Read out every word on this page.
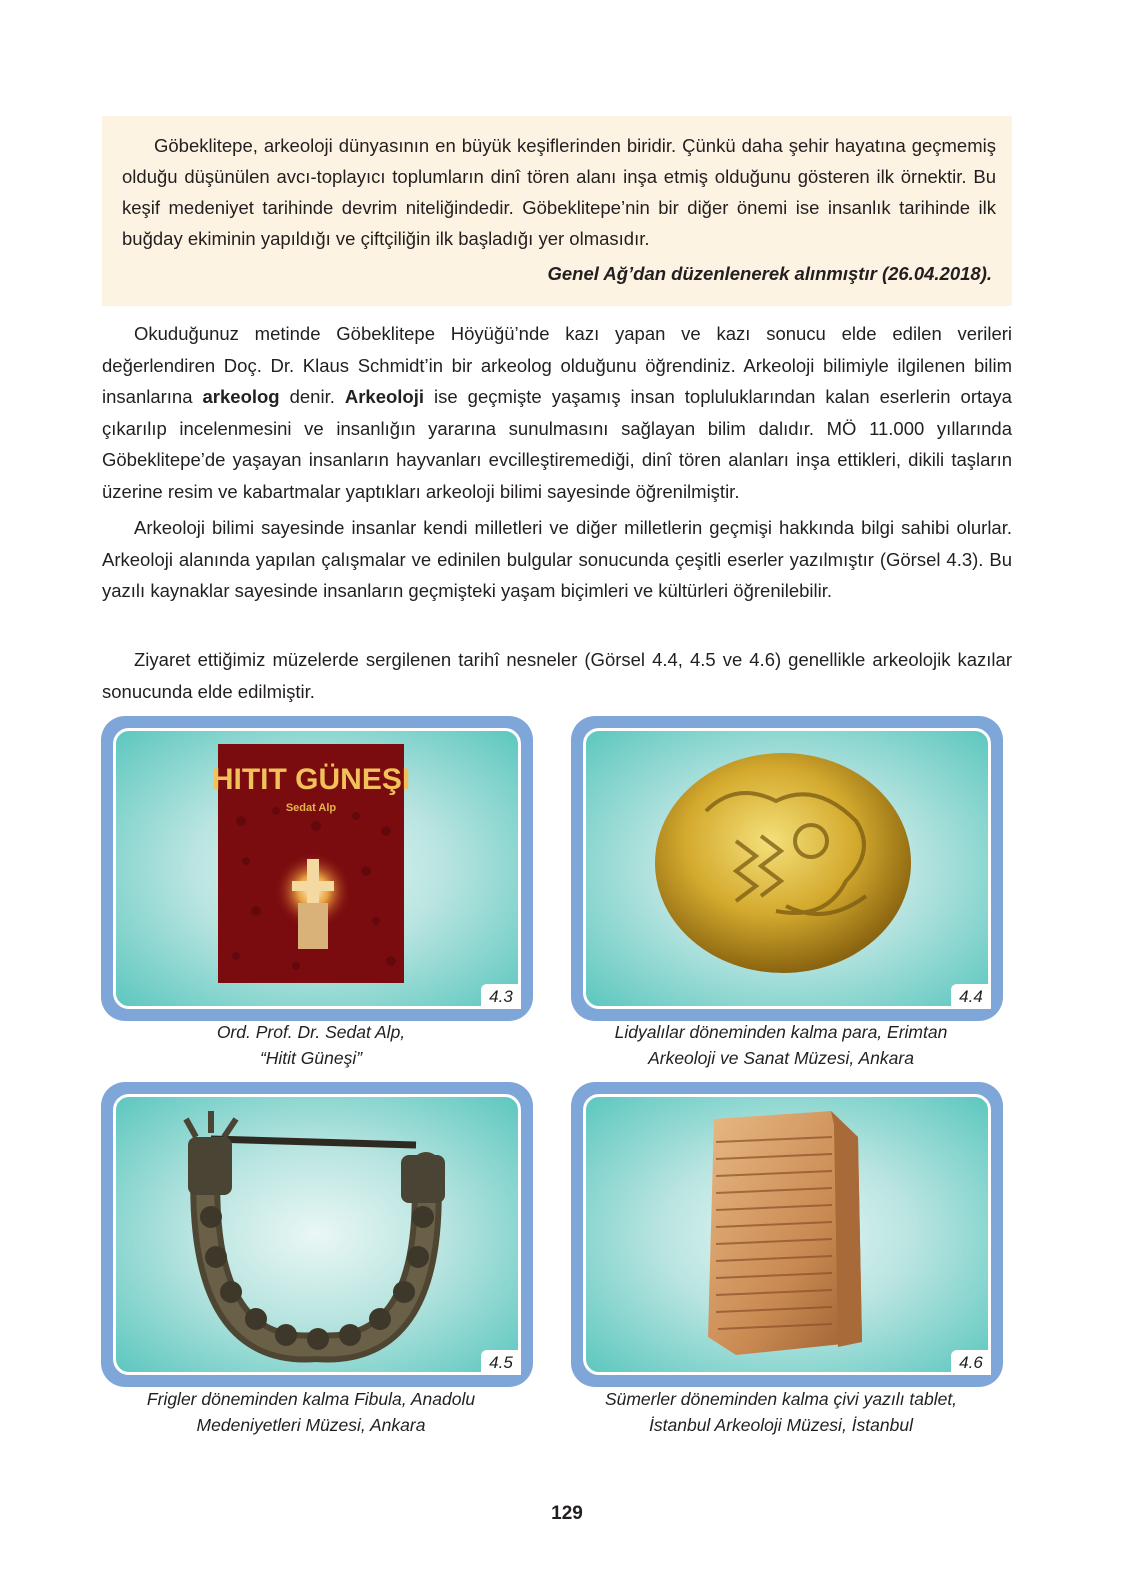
Göbeklitepe, arkeoloji dünyasının en büyük keşiflerinden biridir. Çünkü daha şehir hayatına geçmemiş olduğu düşünülen avcı-toplayıcı toplumların dinî tören alanı inşa etmiş olduğunu gösteren ilk örnektir. Bu keşif medeniyet tarihinde devrim niteliğindedir. Göbeklitepe’nin bir diğer önemi ise insanlık tarihinde ilk buğday ekiminin yapıldığı ve çiftçiliğin ilk başladığı yer olmasıdır.

Genel Ağ’dan düzenlenerek alınmıştır (26.04.2018).

Okuduğunuz metinde Göbeklitepe Höyüğü’nde kazı yapan ve kazı sonucu elde edilen verileri değerlendiren Doç. Dr. Klaus Schmidt’in bir arkeolog olduğunu öğrendiniz. Arkeoloji bilimiyle ilgilenen bilim insanlarına arkeolog denir. Arkeoloji ise geçmişte yaşamış insan topluluklarından kalan eserlerin ortaya çıkarılıp incelenmesini ve insanlığın yararına sunulmasını sağlayan bilim dalıdır. MÖ 11.000 yıllarında Göbeklitepe’de yaşayan insanların hayvanları evcilleştiremediği, dinî tören alanları inşa ettikleri, dikili taşların üzerine resim ve kabartmalar yaptıkları arkeoloji bilimi sayesinde öğrenilmiştir.

Arkeoloji bilimi sayesinde insanlar kendi milletleri ve diğer milletlerin geçmişi hakkında bilgi sahibi olurlar. Arkeoloji alanında yapılan çalışmalar ve edinilen bulgular sonucunda çeşitli eserler yazılmıştır (Görsel 4.3). Bu yazılı kaynaklar sayesinde insanların geçmişteki yaşam biçimleri ve kültürleri öğrenilebilir.

Ziyaret ettiğimiz müzelerde sergilenen tarihî nesneler (Görsel 4.4, 4.5 ve 4.6) genellikle arkeolojik kazılar sonucunda elde edilmiştir.

HITIT GÜNEŞI
Sedat Alp
4.3
Ord. Prof. Dr. Sedat Alp,
“Hitit Güneşi”
4.4
Lidyalılar döneminden kalma para, Erimtan
Arkeoloji ve Sanat Müzesi, Ankara
4.5
Frigler döneminden kalma Fibula, Anadolu
Medeniyetleri Müzesi, Ankara
4.6
Sümerler döneminden kalma çivi yazılı tablet,
İstanbul Arkeoloji Müzesi, İstanbul
129
